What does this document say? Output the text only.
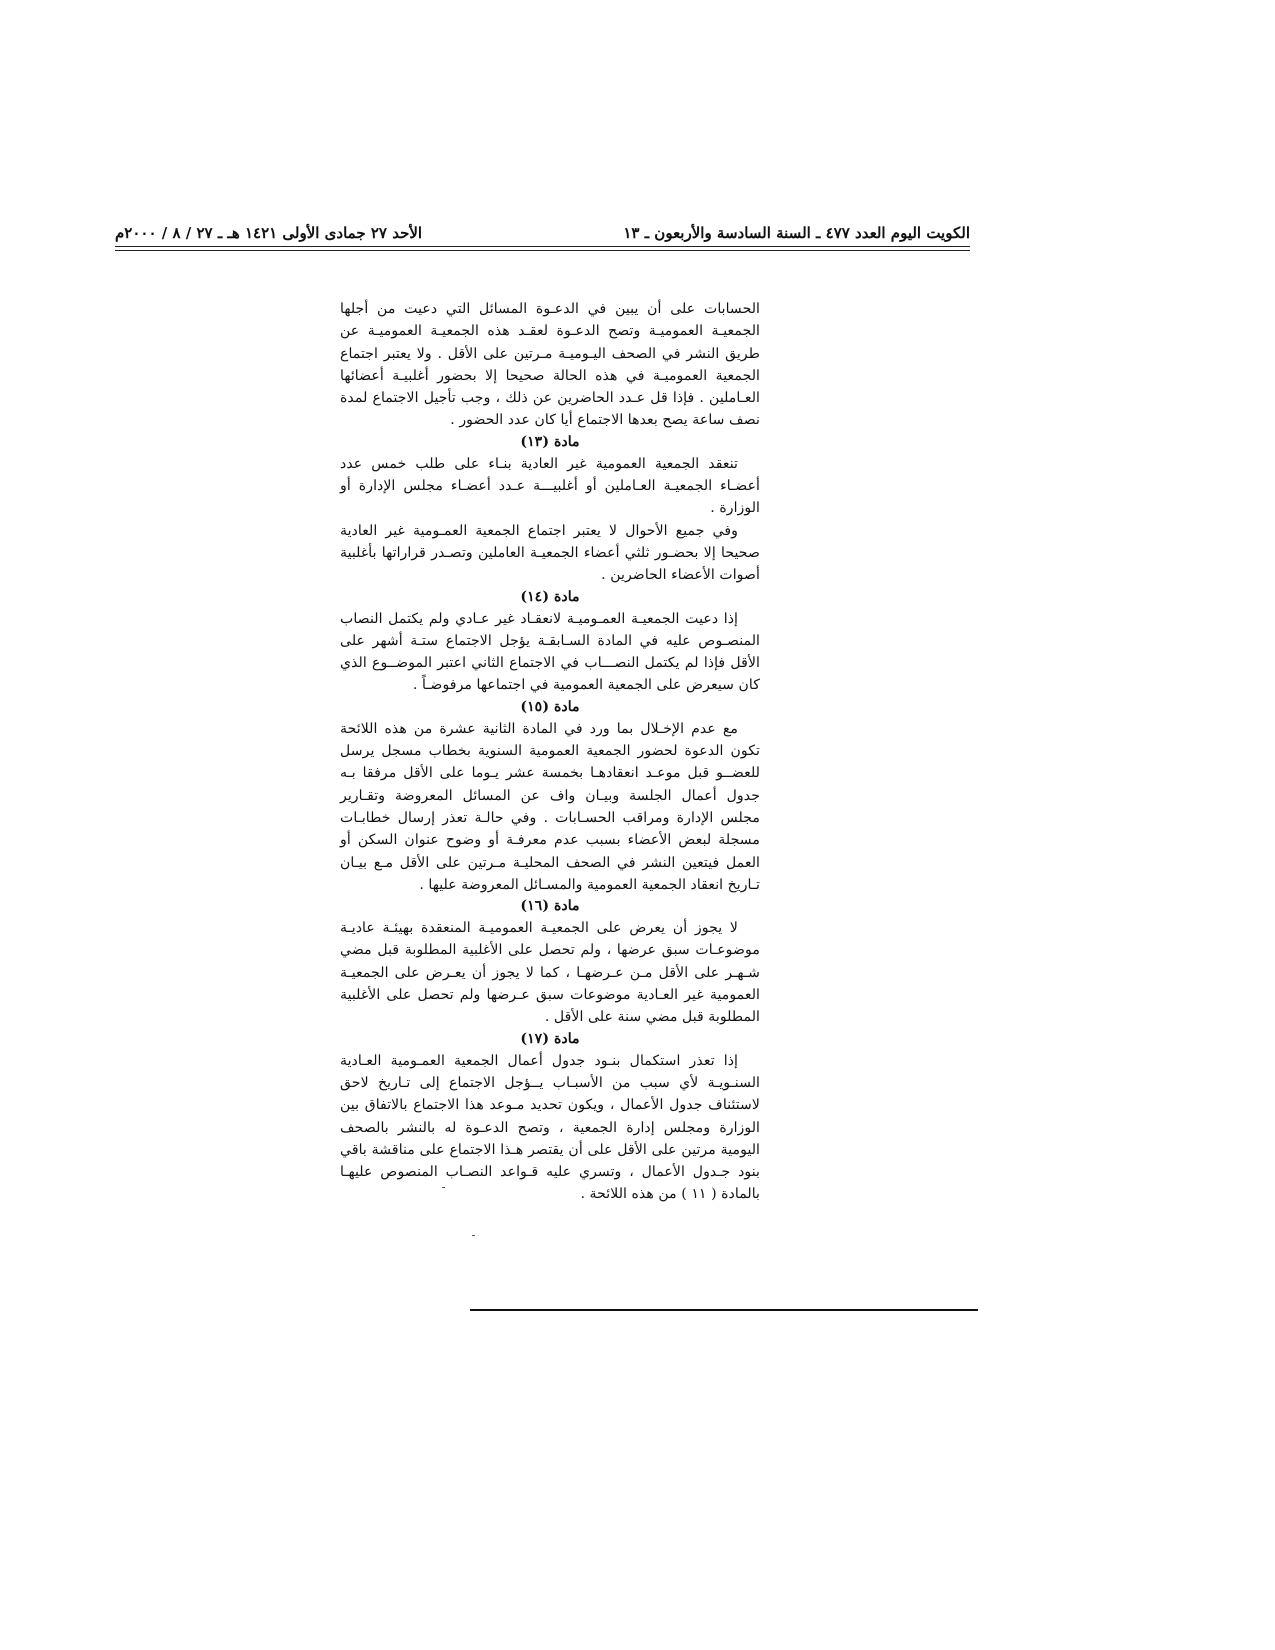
الكويت اليوم العدد ٤٧٧ ـ السنة السادسة والأربعون ـ ١٣
الأحد ٢٧ جمادى الأولى ١٤٢١ هـ ـ ٢٧ / ٨ / ٢٠٠٠م

الحسابات على أن يبين في الدعـوة المسائل التي دعيت من أجلها الجمعيـة العموميـة وتصح الدعـوة لعقـد هذه الجمعيـة العموميـة عن طريق النشر في الصحف اليـوميـة مـرتين على الأقل . ولا يعتبر اجتماع الجمعية العموميـة في هذه الحالة صحيحا إلا بحضور أغلبيـة أعضائها العـاملين . فإذا قل عـدد الحاضرين عن ذلك ، وجب تأجيل الاجتماع لمدة نصف ساعة يصح بعدها الاجتماع أيا كان عدد الحضور .

مادة (١٣)

تنعقد الجمعية العمومية غير العادية بنـاء على طلب خمس عدد أعضـاء الجمعيـة العـاملين أو أغلبيـــة عـدد أعضـاء مجلس الإدارة أو الوزارة .

وفي جميع الأحوال لا يعتبر اجتماع الجمعية العمـومية غير العادية صحيحا إلا بحضـور ثلثي أعضاء الجمعيـة العاملين وتصـدر قراراتها بأغلبية أصوات الأعضاء الحاضرين .

مادة (١٤)

إذا دعيت الجمعيـة العمـوميـة لانعقـاد غير عـادي ولم يكتمل النصاب المنصـوص عليه في المادة السـابقـة يؤجل الاجتماع ستـة أشهر على الأقل فإذا لم يكتمل النصـــاب في الاجتماع الثاني اعتبر الموضــوع الذي كان سيعرض على الجمعية العمومية في اجتماعها مرفوضـاً .

مادة (١٥)

مع عدم الإخـلال بما ورد في المادة الثانية عشرة من هذه اللائحة تكون الدعوة لحضور الجمعية العمومية السنوية بخطاب مسجل يرسل للعضــو قبل موعـد انعقادهـا بخمسة عشر يـوما على الأقل مرفقا بـه جدول أعمال الجلسة وبيـان واف عن المسائل المعروضة وتقـارير مجلس الإدارة ومراقب الحسـابات . وفي حالـة تعذر إرسال خطابـات مسجلة لبعض الأعضاء بسبب عدم معرفـة أو وضوح عنوان السكن أو العمل فيتعين النشر في الصحف المحليـة مـرتين على الأقل مـع بيـان تـاريخ انعقاد الجمعية العمومية والمسـائل المعروضة عليها .

مادة (١٦)

لا يجوز أن يعرض على الجمعيـة العموميـة المنعقدة بهيئـة عاديـة موضوعـات سبق عرضها ، ولم تحصل على الأغلبية المطلوبة قبل مضي شـهـر على الأقل مـن عـرضهـا ، كما لا يجوز أن يعـرض على الجمعيـة العمومية غير العـادية موضوعات سبق عـرضها ولم تحصل على الأغلبية المطلوبة قبل مضي سنة على الأقل .

مادة (١٧)

إذا تعذر استكمال بنـود جدول أعمال الجمعية العمـومية العـادية السنـويـة لأي سبب من الأسبـاب يــؤجل الاجتماع إلى تـاريخ لاحق لاستئناف جدول الأعمال ، ويكون تحديد مـوعد هذا الاجتماع بالاتفاق بين الوزارة ومجلس إدارة الجمعية ، وتصح الدعـوة له بالنشر بالصحف اليومية مرتين على الأقل على أن يقتصر هـذا الاجتماع على مناقشة باقي بنود جـدول الأعمال ، وتسري عليه قـواعد النصـاب المنصوص عليهـا بالمادة ( ١١ ) من هذه اللائحة .
